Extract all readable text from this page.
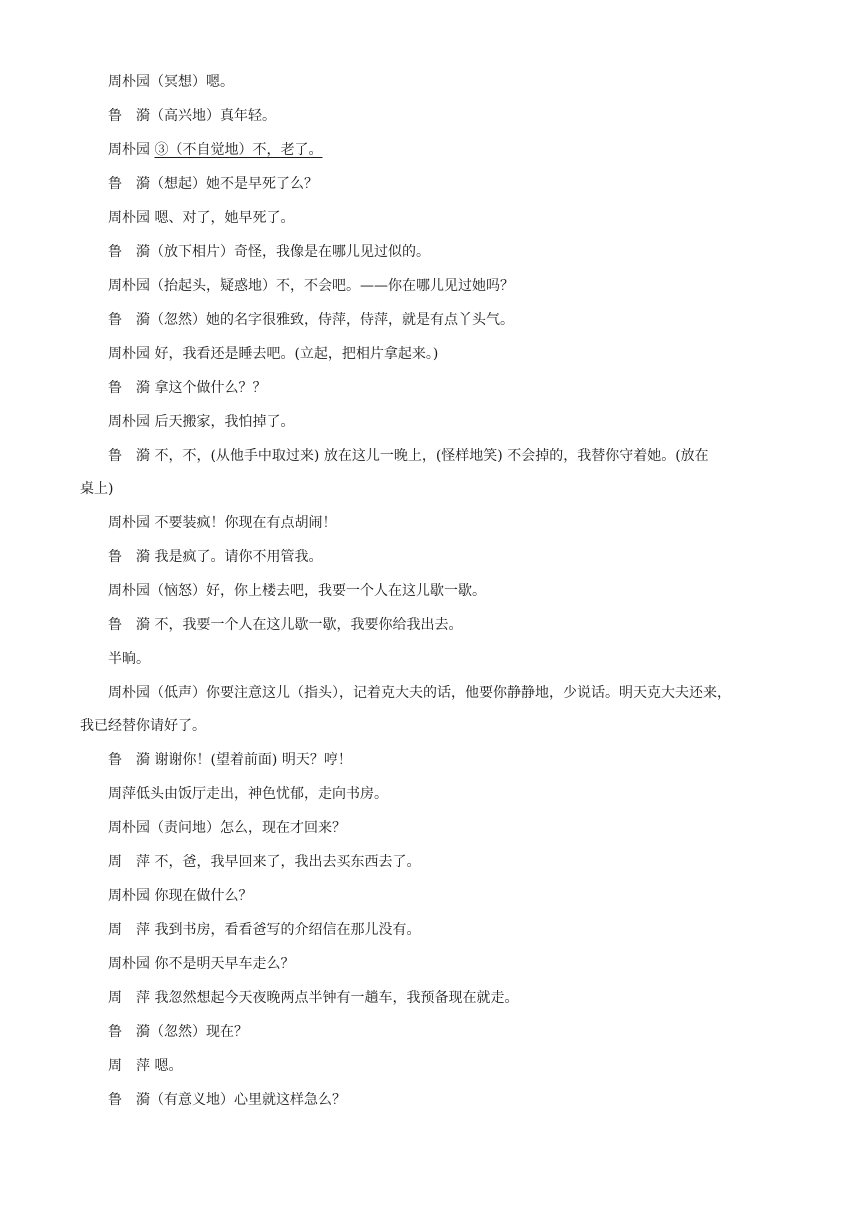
周朴园（冥想）嗯。

鲁　漪（高兴地）真年轻。

周朴园 ③（不自觉地）不，老了。

鲁　漪（想起）她不是早死了么？

周朴园 嗯、对了，她早死了。

鲁　漪（放下相片）奇怪，我像是在哪儿见过似的。

周朴园（抬起头，疑惑地）不，不会吧。——你在哪儿见过她吗？

鲁　漪（忽然）她的名字很雅致，侍萍，侍萍，就是有点丫头气。

周朴园 好，我看还是睡去吧。(立起，把相片拿起来。)

鲁　漪 拿这个做什么？？

周朴园 后天搬家，我怕掉了。

鲁　漪 不，不，(从他手中取过来) 放在这儿一晚上，(怪样地笑) 不会掉的，我替你守着她。(放在

桌上)

周朴园 不要装疯！你现在有点胡闹！

鲁　漪 我是疯了。请你不用管我。

周朴园（恼怒）好，你上楼去吧，我要一个人在这儿歇一歇。

鲁　漪 不，我要一个人在这儿歇一歇，我要你给我出去。

半晌。

周朴园（低声）你要注意这儿（指头），记着克大夫的话，他要你静静地，少说话。明天克大夫还来，

我已经替你请好了。

鲁　漪 谢谢你！(望着前面) 明天？哼！

周萍低头由饭厅走出，神色忧郁，走向书房。

周朴园（责问地）怎么，现在才回来？

周　萍 不，爸，我早回来了，我出去买东西去了。

周朴园 你现在做什么？

周　萍 我到书房，看看爸写的介绍信在那儿没有。

周朴园 你不是明天早车走么？

周　萍 我忽然想起今天夜晚两点半钟有一趟车，我预备现在就走。

鲁　漪（忽然）现在？

周　萍 嗯。

鲁　漪（有意义地）心里就这样急么？
